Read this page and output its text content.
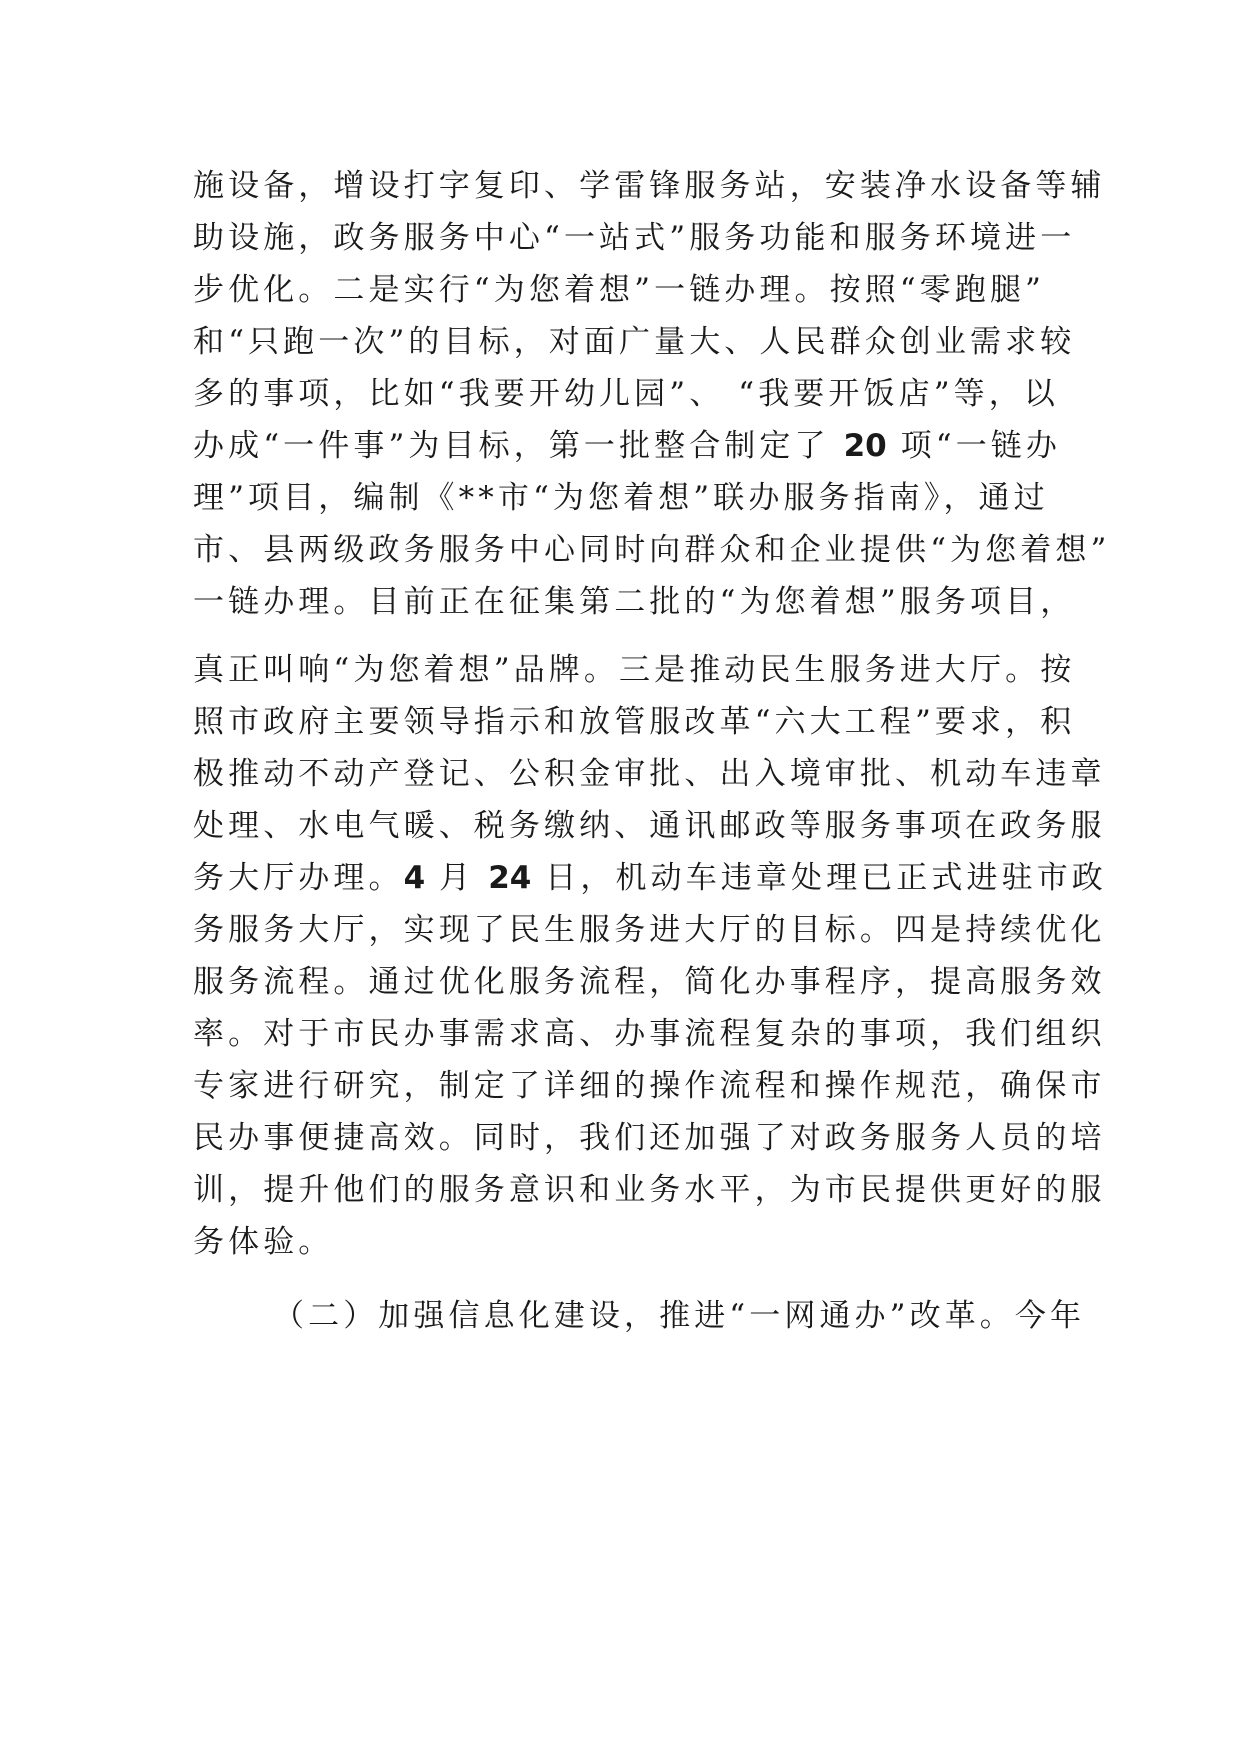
施设备，增设打字复印、学雷锋服务站，安装净水设备等辅
助设施，政务服务中心“一站式”服务功能和服务环境进一
步优化。二是实行“为您着想”一链办理。按照“零跑腿”
和“只跑一次”的目标，对面广量大、人民群众创业需求较
多的事项，比如“我要开幼儿园”、 “我要开饭店”等，以
办成“一件事”为目标，第一批整合制定了 20 项“一链办
理”项目，编制《**市“为您着想”联办服务指南》，通过
市、县两级政务服务中心同时向群众和企业提供“为您着想”
一链办理。目前正在征集第二批的“为您着想”服务项目，
真正叫响“为您着想”品牌。三是推动民生服务进大厅。按
照市政府主要领导指示和放管服改革“六大工程”要求，积
极推动不动产登记、公积金审批、出入境审批、机动车违章
处理、水电气暖、税务缴纳、通讯邮政等服务事项在政务服
务大厅办理。4 月 24 日，机动车违章处理已正式进驻市政
务服务大厅，实现了民生服务进大厅的目标。四是持续优化
服务流程。通过优化服务流程，简化办事程序，提高服务效
率。对于市民办事需求高、办事流程复杂的事项，我们组织
专家进行研究，制定了详细的操作流程和操作规范，确保市
民办事便捷高效。同时，我们还加强了对政务服务人员的培
训，提升他们的服务意识和业务水平，为市民提供更好的服
务体验。
（二）加强信息化建设，推进“一网通办”改革。今年
